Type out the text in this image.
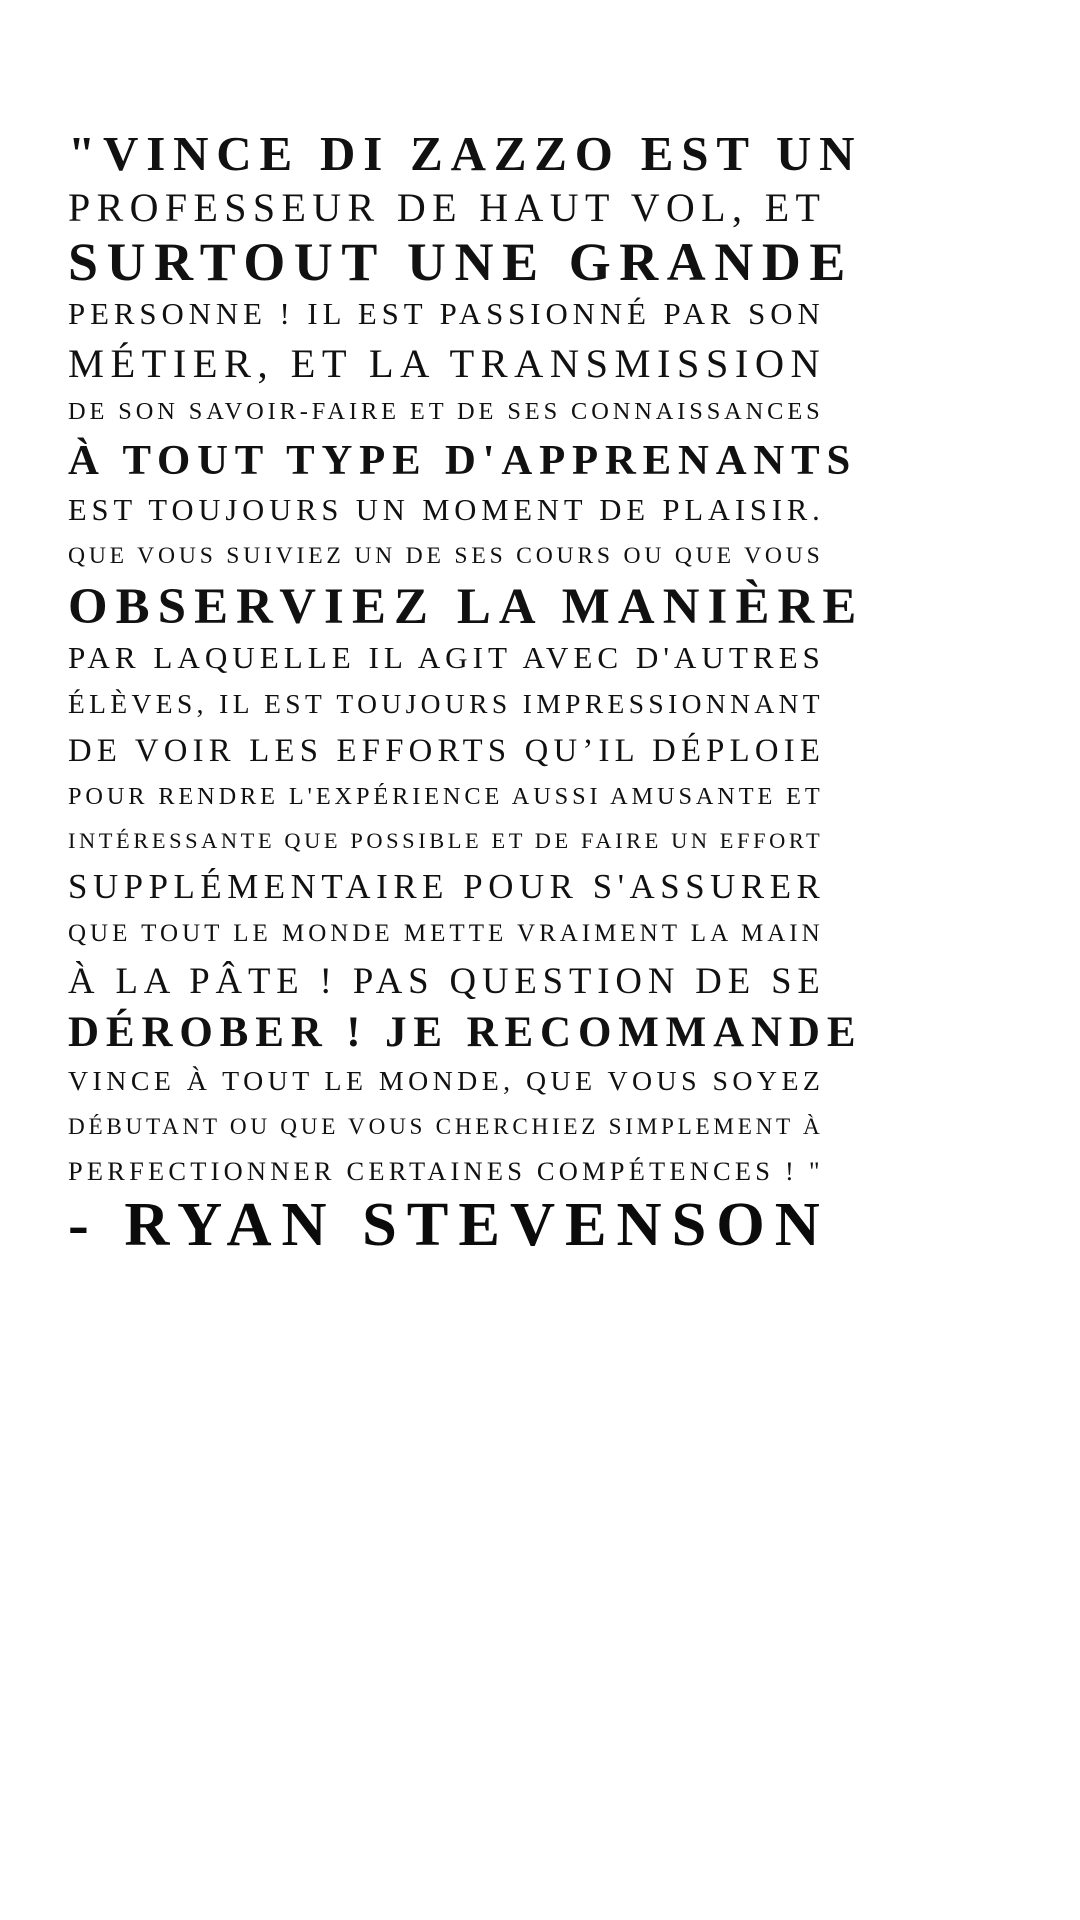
"VINCE DI ZAZZO EST UN
PROFESSEUR DE HAUT VOL, ET
SURTOUT UNE GRANDE
PERSONNE ! IL EST PASSIONNÉ PAR SON
MÉTIER, ET LA TRANSMISSION
DE SON SAVOIR-FAIRE ET DE SES CONNAISSANCES
À TOUT TYPE D'APPRENANTS
EST TOUJOURS UN MOMENT DE PLAISIR.
QUE VOUS SUIVIEZ UN DE SES COURS OU QUE VOUS
OBSERVIEZ LA MANIÈRE
PAR LAQUELLE IL AGIT AVEC D'AUTRES
ÉLÈVES, IL EST TOUJOURS IMPRESSIONNANT
DE VOIR LES EFFORTS QU’IL DÉPLOIE
POUR RENDRE L'EXPÉRIENCE AUSSI AMUSANTE ET
INTÉRESSANTE QUE POSSIBLE ET DE FAIRE UN EFFORT
SUPPLÉMENTAIRE POUR S'ASSURER
QUE TOUT LE MONDE METTE VRAIMENT LA MAIN
À LA PÂTE ! PAS QUESTION DE SE
DÉROBER ! JE RECOMMANDE
VINCE À TOUT LE MONDE, QUE VOUS SOYEZ
DÉBUTANT OU QUE VOUS CHERCHIEZ SIMPLEMENT À
PERFECTIONNER CERTAINES COMPÉTENCES ! "
- RYAN STEVENSON
